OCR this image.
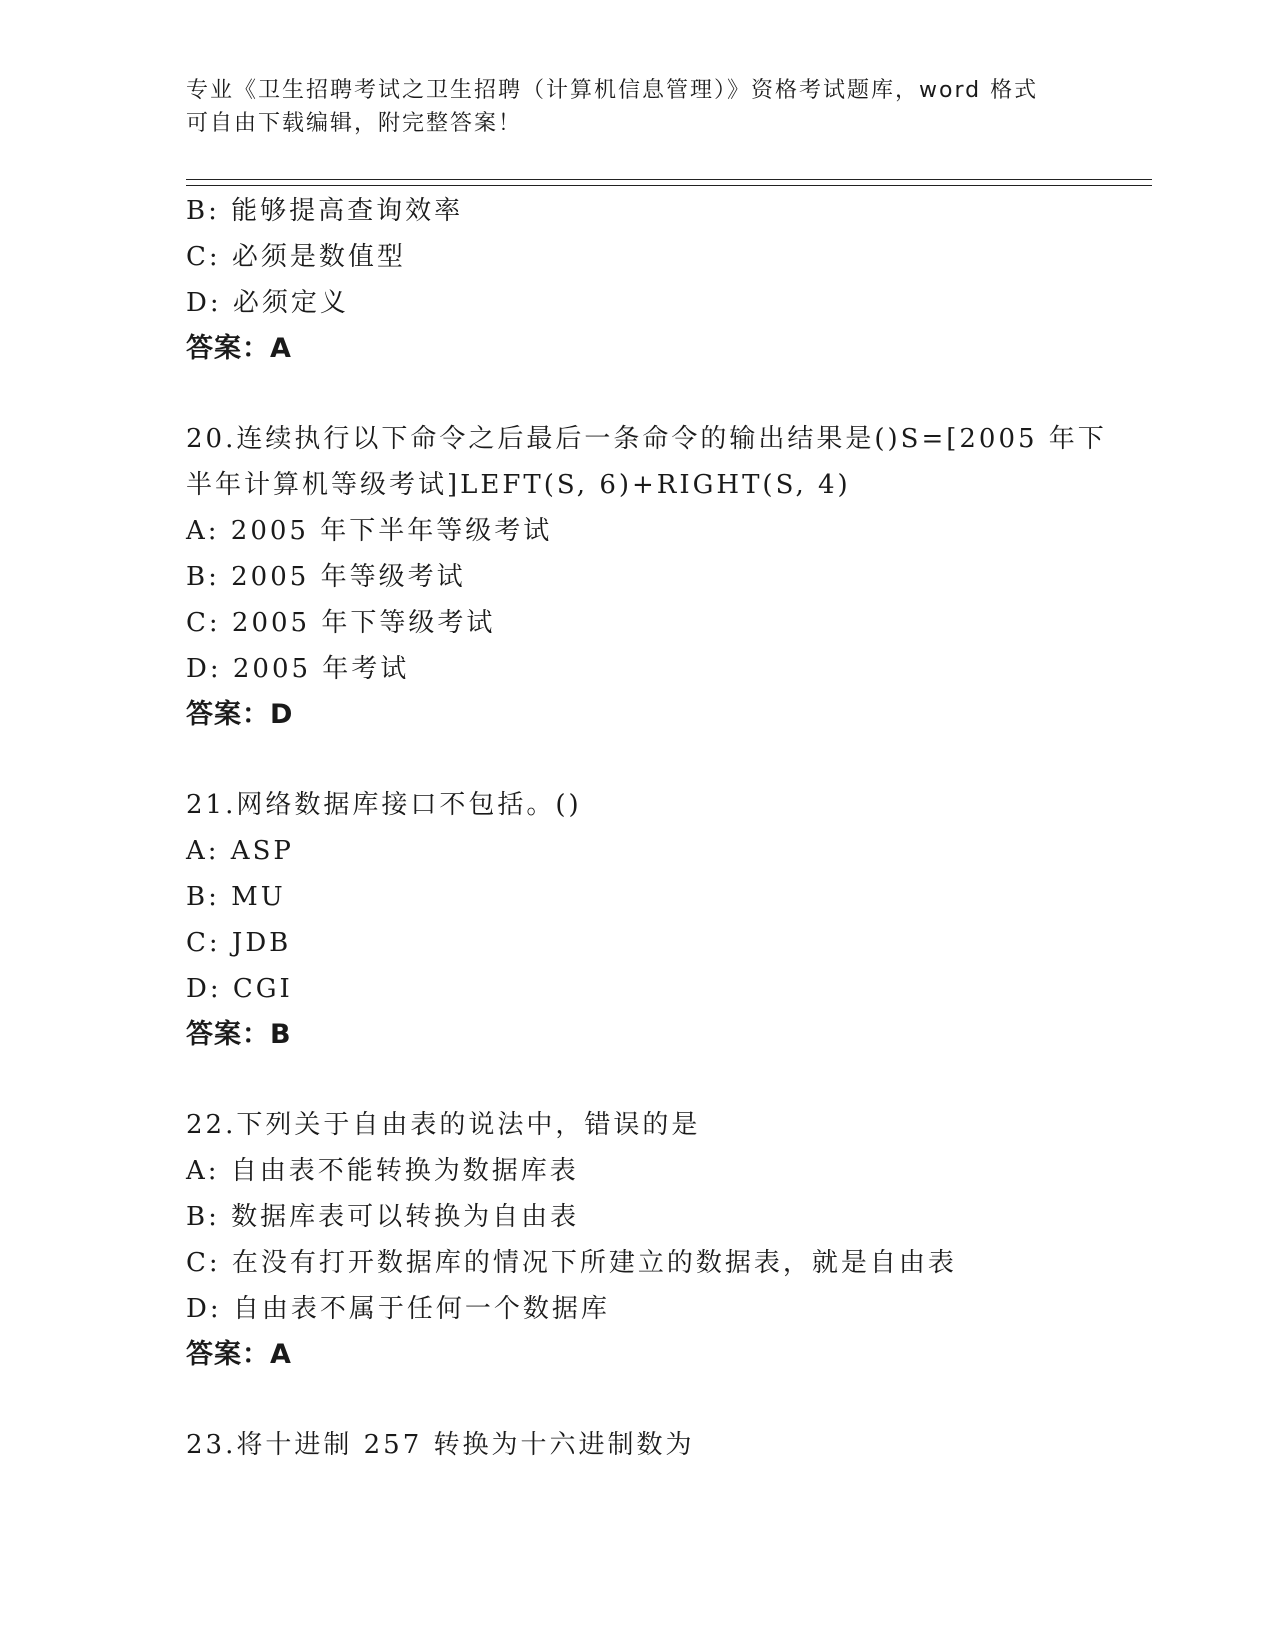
专业《卫生招聘考试之卫生招聘（计算机信息管理）》资格考试题库，word 格式
可自由下载编辑，附完整答案！
B: 能够提高查询效率
C: 必须是数值型
D: 必须定义
答案：A
20.连续执行以下命令之后最后一条命令的输出结果是()S=[2005 年下
半年计算机等级考试]LEFT(S, 6)+RIGHT(S, 4)
A: 2005 年下半年等级考试
B: 2005 年等级考试
C: 2005 年下等级考试
D: 2005 年考试
答案：D
21.网络数据库接口不包括。()
A: ASP
B: MU
C: JDB
D: CGI
答案：B
22.下列关于自由表的说法中，错误的是
A: 自由表不能转换为数据库表
B: 数据库表可以转换为自由表
C: 在没有打开数据库的情况下所建立的数据表，就是自由表
D: 自由表不属于任何一个数据库
答案：A
23.将十进制 257 转换为十六进制数为
